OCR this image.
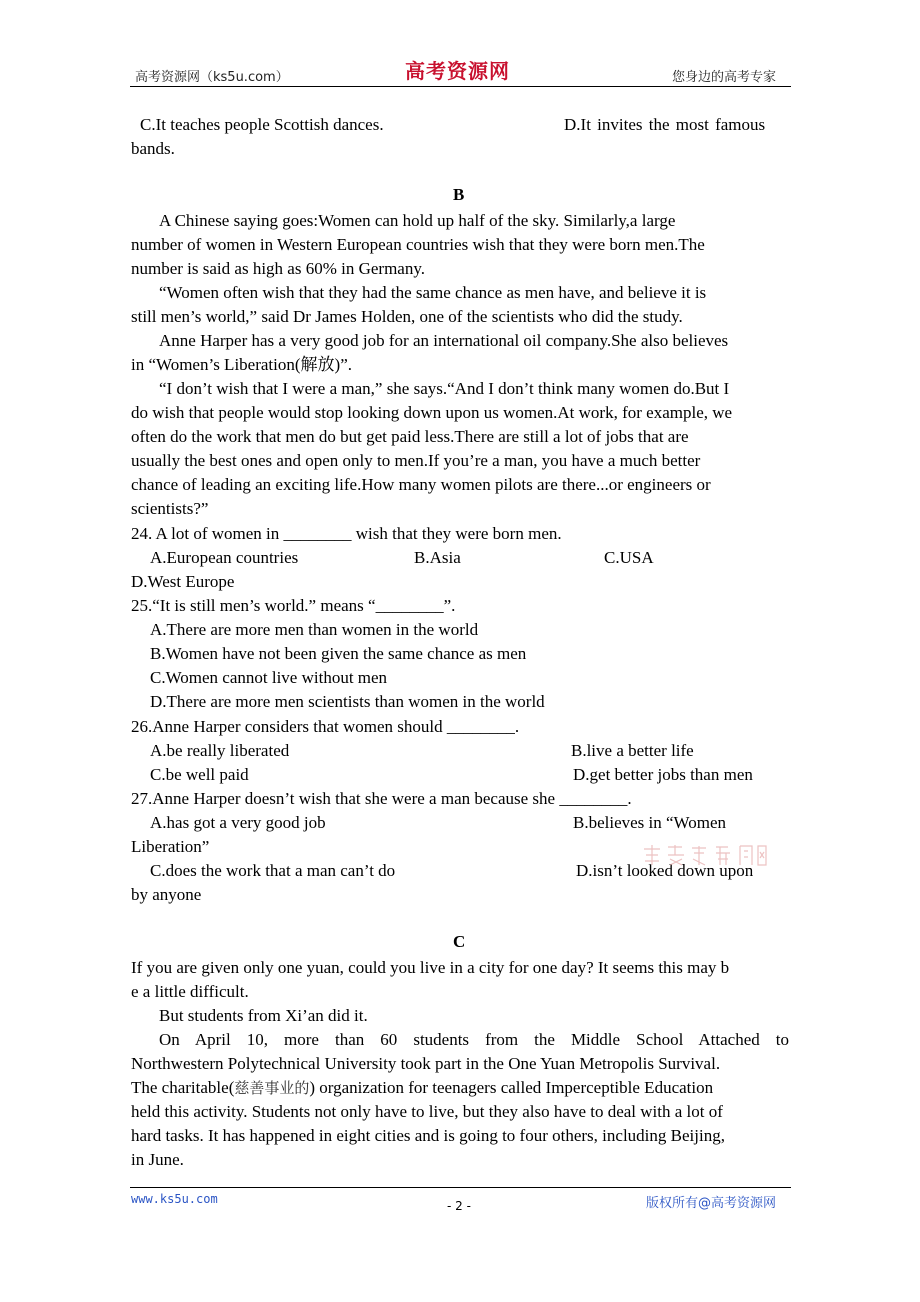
高考资源网（ks5u.com）	高考资源网	您身边的高考专家
C.It teaches people Scottish dances.	D.It invites the most famous
bands.
B
A Chinese saying goes:Women can hold up half of the sky. Similarly,a large
number of women in Western European countries wish that they were born men.The
number is said as high as 60% in Germany.
“Women often wish that they had the same chance as men have, and believe it is
still men’s world,” said Dr James Holden, one of the scientists who did the study.
Anne Harper has a very good job for an international oil company.She also believes
in “Women’s Liberation(解放)”.
“I don’t wish that I were a man,” she says.“And I don’t think many women do.But I
do wish that people would stop looking down upon us women.At work, for example, we
often do the work that men do but get paid less.There are still a lot of jobs that are
usually the best ones and open only to men.If you’re a man, you have a much better
chance of leading an exciting life.How many women pilots are there...or engineers or
scientists?”
24. A lot of women in ________ wish that they were born men.
A.European countries	B.Asia	C.USA
D.West Europe
25.“It is still men’s world.” means “________”.
A.There are more men than women in the world
B.Women have not been given the same chance as men
C.Women cannot live without men
D.There are more men scientists than women in the world
26.Anne Harper considers that women should ________.
A.be really liberated	B.live a better life
C.be well paid	D.get better jobs than men
27.Anne Harper doesn’t wish that she were a man because she ________.
A.has got a very good job	B.believes in “Women
Liberation”
C.does the work that a man can’t do	D.isn’t looked down upon
by anyone
C
If you are given only one yuan, could you live in a city for one day? It seems this may b
e a little difficult.
But students from Xi’an did it.
On April 10, more than 60 students from the Middle School Attached to
Northwestern Polytechnical University took part in the One Yuan Metropolis Survival.
The charitable(慈善事业的) organization for teenagers called Imperceptible Education
held this activity. Students not only have to live, but they also have to deal with a lot of
hard tasks. It has happened in eight cities and is going to four others, including Beijing,
in June.
www.ks5u.com	- 2 -	版权所有@高考资源网
